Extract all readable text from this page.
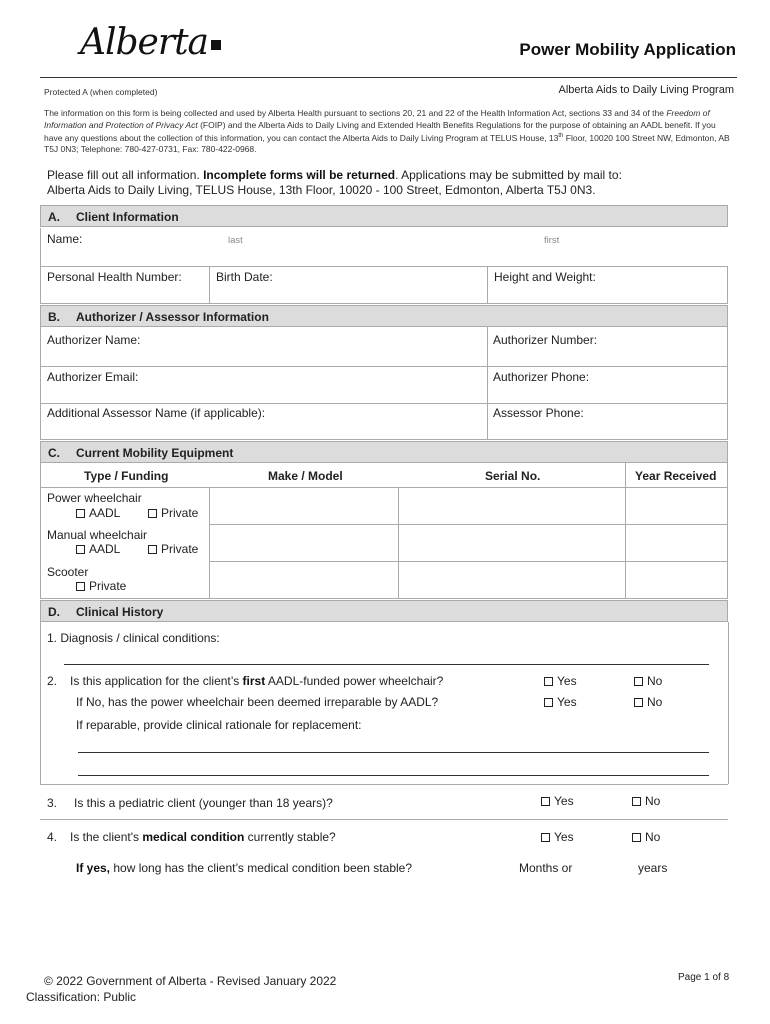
Alberta	Power Mobility Application
Protected A (when completed)	Alberta Aids to Daily Living Program
The information on this form is being collected and used by Alberta Health pursuant to sections 20, 21 and 22 of the Health Information Act, sections 33 and 34 of the Freedom of Information and Protection of Privacy Act (FOIP) and the Alberta Aids to Daily Living and Extended Health Benefits Regulations for the purpose of obtaining an AADL benefit. If you have any questions about the collection of this information, you can contact the Alberta Aids to Daily Living Program at TELUS House, 13th Floor, 10020 100 Street NW, Edmonton, AB T5J 0N3; Telephone: 780-427-0731, Fax: 780-422-0968.
Please fill out all information. Incomplete forms will be returned. Applications may be submitted by mail to:
Alberta Aids to Daily Living, TELUS House, 13th Floor, 10020 - 100 Street, Edmonton, Alberta T5J 0N3.
A. Client Information
Name:	last	first
Personal Health Number:	Birth Date:	Height and Weight:
B. Authorizer / Assessor Information
Authorizer Name:	Authorizer Number:
Authorizer Email:	Authorizer Phone:
Additional Assessor Name (if applicable):	Assessor Phone:
C. Current Mobility Equipment
Type / Funding	Make / Model	Serial No.	Year Received
Power wheelchair
AADL	Private
Manual wheelchair
AADL	Private
Scooter
Private
D. Clinical History
1. Diagnosis / clinical conditions:
2. Is this application for the client’s first AADL-funded power wheelchair?	Yes	No
If No, has the power wheelchair been deemed irreparable by AADL?	Yes	No
If reparable, provide clinical rationale for replacement:
3. Is this a pediatric client (younger than 18 years)?	Yes	No
4. Is the client's medical condition currently stable?	Yes	No
If yes, how long has the client’s medical condition been stable?	Months or	years
© 2022 Government of Alberta - Revised January 2022
Classification: Public
Page 1 of 8
